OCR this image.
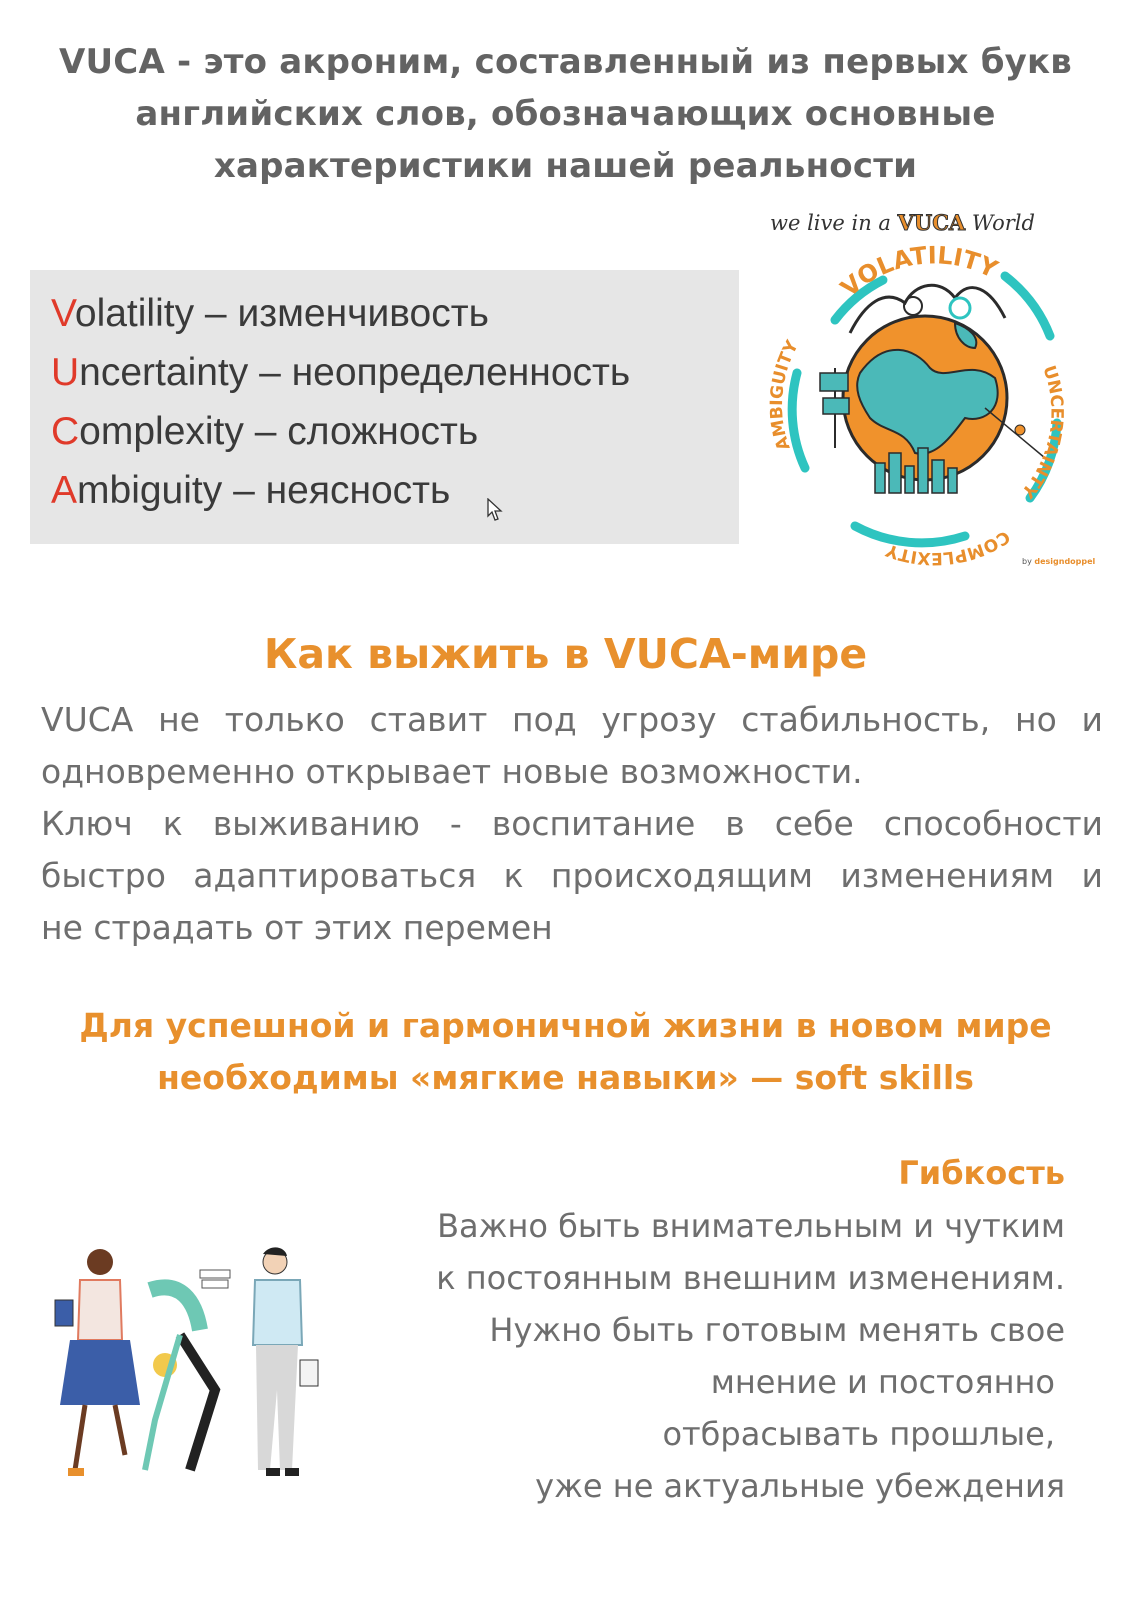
VUCA - это акроним, составленный из первых букв
английских слов, обозначающих основные
характеристики нашей реальности
Volatility – изменчивость
Uncertainty – неопределенность
Complexity – сложность
Ambiguity – неясность
we live in a VUCA World
VOLATILITY
UNCERTAINTY
COMPLEXITY
AMBIGUITY
by designdoppel
Как выжить в VUCA-мире
VUCA не только ставит под угрозу стабильность, но и
одновременно открывает новые возможности.
Ключ к выживанию - воспитание в себе способности
быстро адаптироваться к происходящим изменениям и
не страдать от этих перемен
Для успешной и гармоничной жизни в новом мире
необходимы «мягкие навыки» — soft skills
Гибкость
Важно быть внимательным и чутким
к постоянным внешним изменениям.
Нужно быть готовым менять свое
мнение и постоянно
отбрасывать прошлые,
уже не актуальные убеждения
